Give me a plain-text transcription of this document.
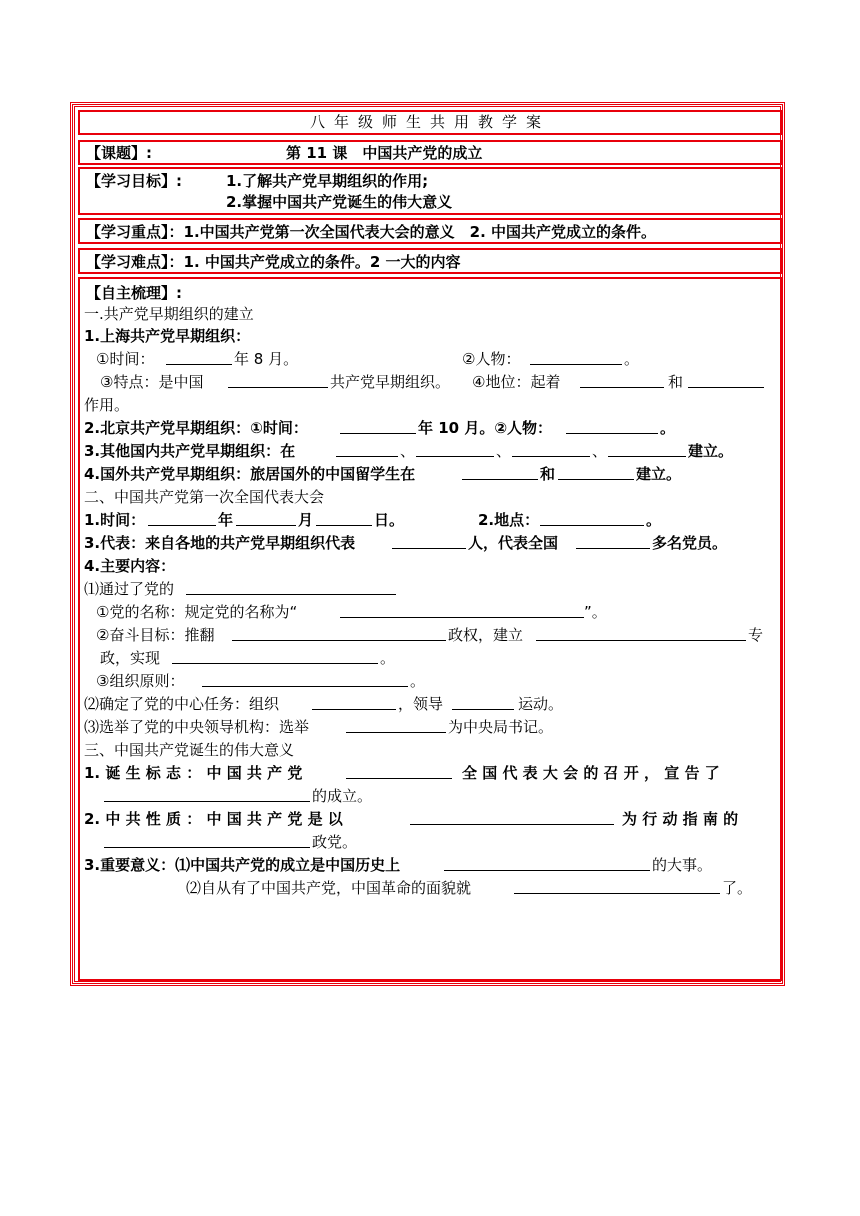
八年级师生共用教学案
【课题】:	第 11 课　中国共产党的成立
【学习目标】:	1.了解共产党早期组织的作用;
2.掌握中国共产党诞生的伟大意义
【学习重点】：1.中国共产党第一次全国代表大会的意义　2. 中国共产党成立的条件。
【学习难点】：1. 中国共产党成立的条件。2 一大的内容
【自主梳理】:
一.共产党早期组织的建立
1.上海共产党早期组织：
①时间：	年 8 月。	②人物：	。
③特点：是中国	共产党早期组织。 ④地位：起着	和
作用。
2.北京共产党早期组织：①时间：	年 10 月。②人物：	。
3.其他国内共产党早期组织：在	、	、	、	建立。
4.国外共产党早期组织：旅居国外的中国留学生在	和	建立。
二、中国共产党第一次全国代表大会
1.时间：	年	月	日。	2.地点：	。
3.代表：来自各地的共产党早期组织代表	人，代表全国	多名党员。
4.主要内容：
⑴通过了党的
①党的名称：规定党的名称为“	”。
②奋斗目标：推翻	政权，建立	专
政，实现	。
③组织原则：	。
⑵确定了党的中心任务：组织	，领导	运动。
⑶选举了党的中央领导机构：选举	为中央局书记。
三、中国共产党诞生的伟大意义
1. 诞 生 标 志 ： 中 国 共 产 党	全 国 代 表 大 会 的 召 开 ， 宣 告 了
的成立。
2. 中 共 性 质 ： 中 国 共 产 党 是 以	为 行 动 指 南 的
政党。
3.重要意义：⑴中国共产党的成立是中国历史上	的大事。
⑵自从有了中国共产党，中国革命的面貌就	了。
